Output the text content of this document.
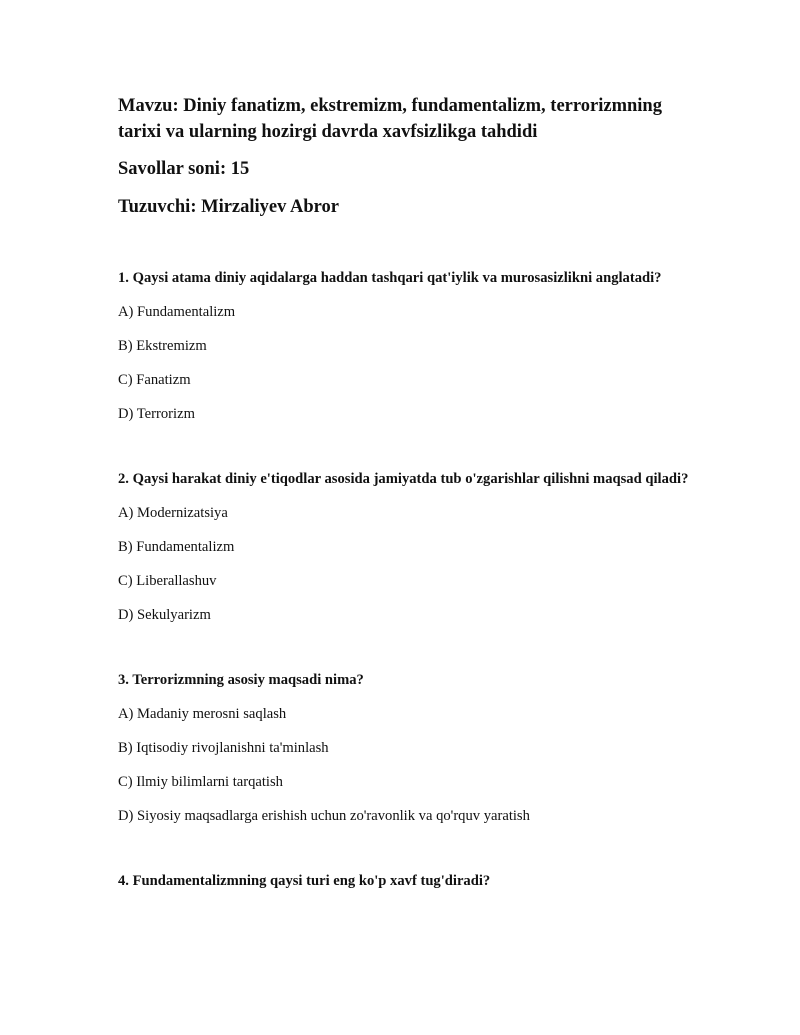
Mavzu: Diniy fanatizm, ekstremizm, fundamentalizm, terrorizmning tarixi va ularning hozirgi davrda xavfsizlikga tahdidi

Savollar soni: 15

Tuzuvchi: Mirzaliyev Abror

1. Qaysi atama diniy aqidalarga haddan tashqari qat'iylik va murosasizlikni anglatadi?

A) Fundamentalizm

B) Ekstremizm

C) Fanatizm

D) Terrorizm

2. Qaysi harakat diniy e'tiqodlar asosida jamiyatda tub o'zgarishlar qilishni maqsad qiladi?

A) Modernizatsiya

B) Fundamentalizm

C) Liberallashuv

D) Sekulyarizm

3. Terrorizmning asosiy maqsadi nima?

A) Madaniy merosni saqlash

B) Iqtisodiy rivojlanishni ta'minlash

C) Ilmiy bilimlarni tarqatish

D) Siyosiy maqsadlarga erishish uchun zo'ravonlik va qo'rquv yaratish

4. Fundamentalizmning qaysi turi eng ko'p xavf tug'diradi?
